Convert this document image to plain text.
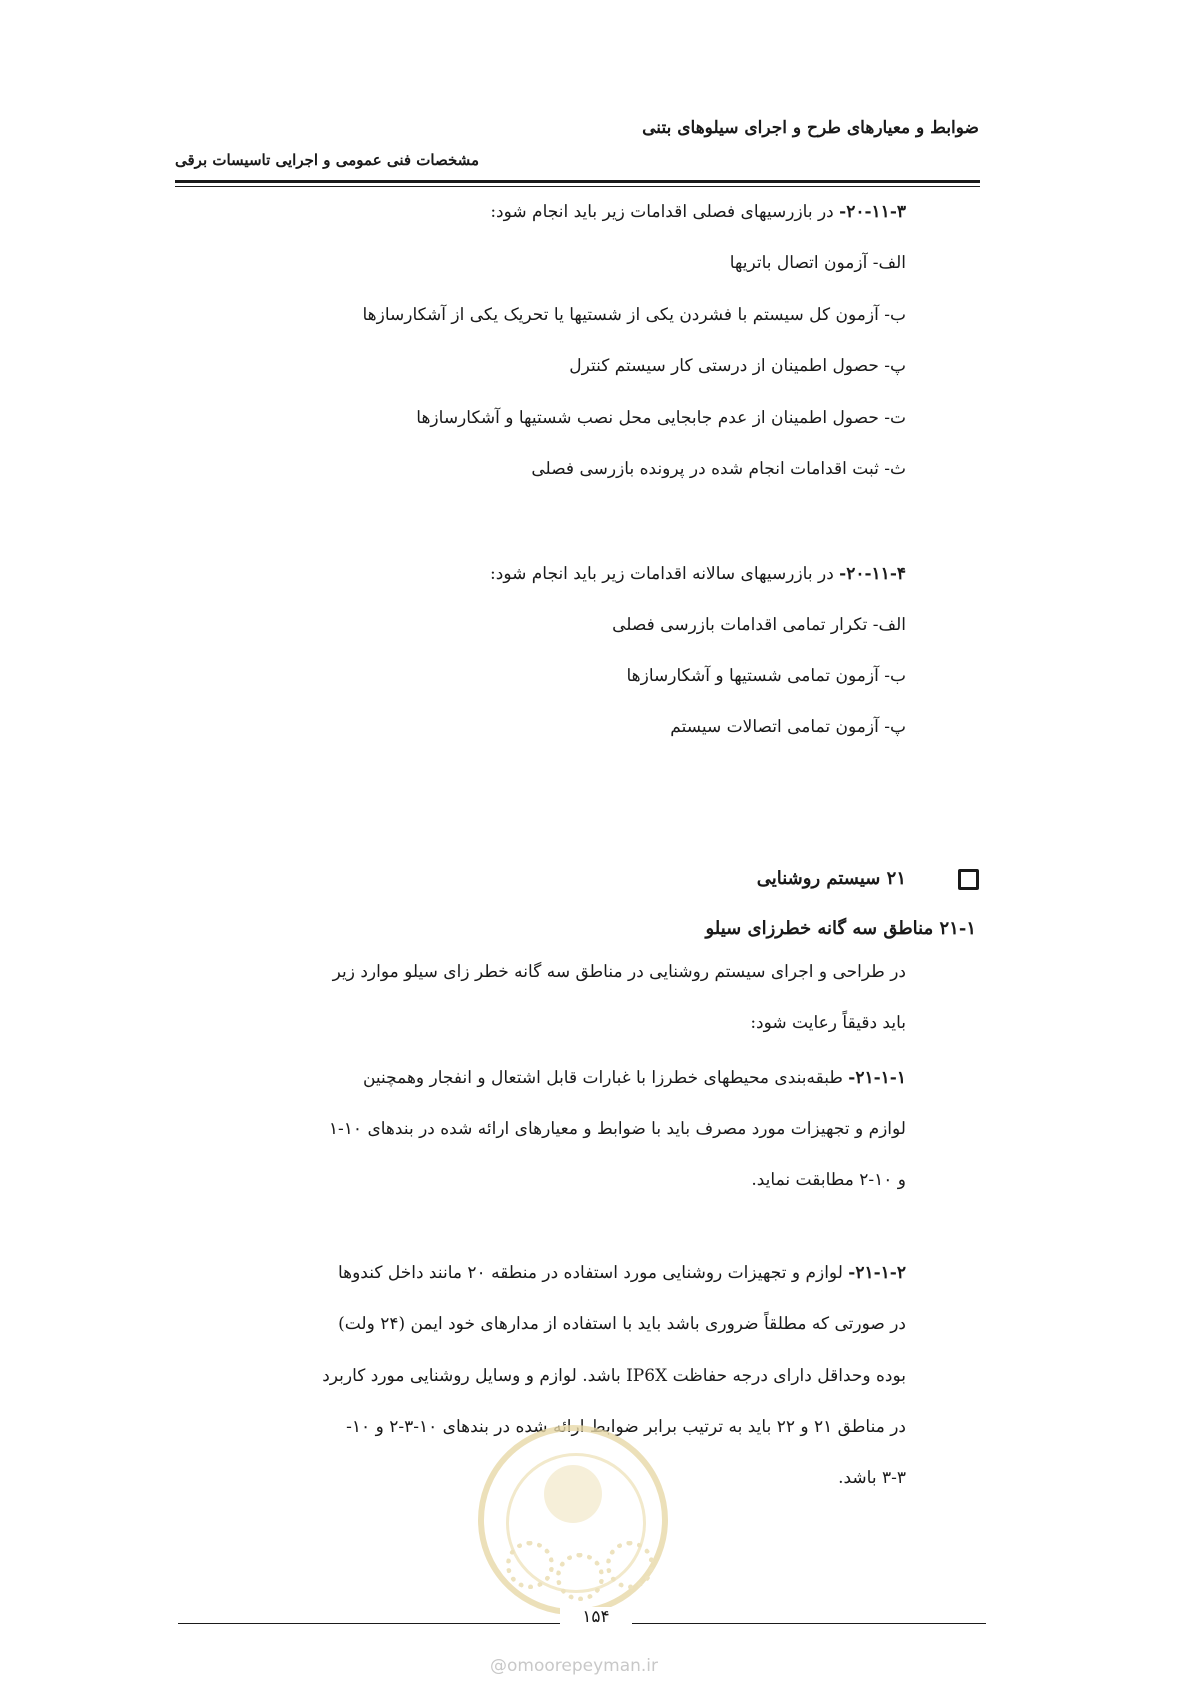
ضوابط و معیارهای طرح و اجرای سیلوهای بتنی
مشخصات فنی عمومی و اجرایی تاسیسات برقی
۲۰-۱۱-۳- در بازرسیهای فصلی اقدامات زیر باید انجام شود:
الف- آزمون اتصال باتریها
ب- آزمون کل سیستم با فشردن یکی از شستیها یا تحریک یکی از آشکارسازها
پ- حصول اطمینان از درستی کار سیستم کنترل
ت- حصول اطمینان از عدم جابجایی محل نصب شستیها و آشکارسازها
ث- ثبت اقدامات انجام شده در پرونده بازرسی فصلی
۲۰-۱۱-۴- در بازرسیهای سالانه اقدامات زیر باید انجام شود:
الف- تکرار تمامی اقدامات بازرسی فصلی
ب- آزمون تمامی شستیها و آشکارسازها
پ- آزمون تمامی اتصالات سیستم
۲۱ سیستم روشنایی
۲۱-۱ مناطق سه گانه خطرزای سیلو
در طراحی و اجرای سیستم روشنایی در مناطق سه گانه خطر زای سیلو موارد زیر
باید دقیقاً رعایت شود:
۲۱-۱-۱- طبقه‌بندی محیطهای خطرزا با غبارات قابل اشتعال و انفجار وهمچنین
لوازم و تجهیزات مورد مصرف باید با ضوابط و معیارهای ارائه شده در بندهای ۱۰-۱
و ۱۰-۲ مطابقت نماید.
۲۱-۱-۲- لوازم و تجهیزات روشنایی مورد استفاده در منطقه ۲۰ مانند داخل کندوها
در صورتی که مطلقاً ضروری باشد باید با استفاده از مدارهای خود ایمن (۲۴ ولت)
بوده وحداقل دارای درجه حفاظت IP6X باشد. لوازم و وسایل روشنایی مورد کاربرد
در مناطق ۲۱ و ۲۲ باید به ترتیب برابر ضوابط ارائه شده در بندهای ۱۰-۳-۲ و ۱۰-
۳-۳ باشد.
۱۵۴
@omoorepeyman.ir
